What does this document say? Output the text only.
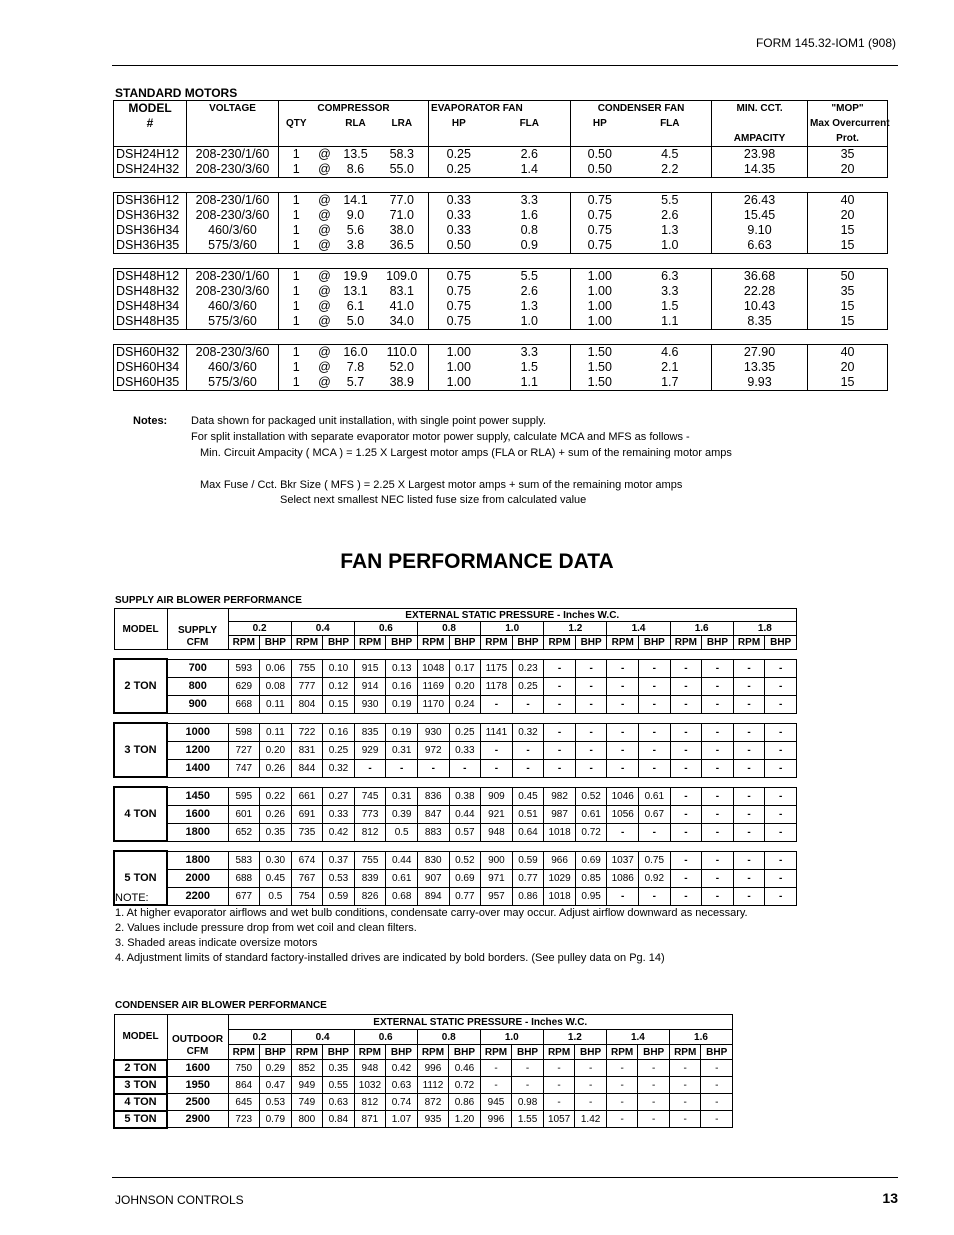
FORM 145.32-IOM1 (908)
STANDARD MOTORS
MODEL	VOLTAGE	COMPRESSOR				EVAPORATOR FAN		CONDENSER FAN		MIN. CCT.	"MOP"
#		QTY		RLA	LRA	HP	FLA	HP	FLA		Max Overcurrent
										AMPACITY	Prot.
DSH24H12	208-230/1/60	1	@	13.5	58.3	0.25	2.6	0.50	4.5	23.98	35
DSH24H32	208-230/3/60	1	@	8.6	55.0	0.25	1.4	0.50	2.2	14.35	20

DSH36H12	208-230/1/60	1	@	14.1	77.0	0.33	3.3	0.75	5.5	26.43	40
DSH36H32	208-230/3/60	1	@	9.0	71.0	0.33	1.6	0.75	2.6	15.45	20
DSH36H34	460/3/60	1	@	5.6	38.0	0.33	0.8	0.75	1.3	9.10	15
DSH36H35	575/3/60	1	@	3.8	36.5	0.50	0.9	0.75	1.0	6.63	15

DSH48H12	208-230/1/60	1	@	19.9	109.0	0.75	5.5	1.00	6.3	36.68	50
DSH48H32	208-230/3/60	1	@	13.1	83.1	0.75	2.6	1.00	3.3	22.28	35
DSH48H34	460/3/60	1	@	6.1	41.0	0.75	1.3	1.00	1.5	10.43	15
DSH48H35	575/3/60	1	@	5.0	34.0	0.75	1.0	1.00	1.1	8.35	15

DSH60H32	208-230/3/60	1	@	16.0	110.0	1.00	3.3	1.50	4.6	27.90	40
DSH60H34	460/3/60	1	@	7.8	52.0	1.00	1.5	1.50	2.1	13.35	20
DSH60H35	575/3/60	1	@	5.7	38.9	1.00	1.1	1.50	1.7	9.93	15
Notes: Data shown for packaged unit installation, with single point power supply.
For split installation with separate evaporator motor power supply, calculate MCA and MFS as follows -
Min. Circuit Ampacity ( MCA ) = 1.25 X Largest motor amps (FLA or RLA) + sum of the remaining motor amps
Max Fuse / Cct. Bkr Size ( MFS ) = 2.25 X Largest motor amps + sum of the remaining motor amps
Select next smallest NEC listed fuse size from calculated value
FAN PERFORMANCE DATA
SUPPLY AIR BLOWER PERFORMANCE
MODEL	SUPPLY	EXTERNAL STATIC PRESSURE - Inches W.C.																	
		0.2		0.4		0.6		0.8		1.0		1.2		1.4		1.6		1.8	
	CFM	RPM	BHP	RPM	BHP	RPM	BHP	RPM	BHP	RPM	BHP	RPM	BHP	RPM	BHP	RPM	BHP	RPM	BHP

2 TON	700	593	0.06	755	0.10	915	0.13	1048	0.17	1175	0.23	-	-	-	-	-	-	-	-
	800	629	0.08	777	0.12	914	0.16	1169	0.20	1178	0.25	-	-	-	-	-	-	-	-
	900	668	0.11	804	0.15	930	0.19	1170	0.24	-	-	-	-	-	-	-	-	-	-

3 TON	1000	598	0.11	722	0.16	835	0.19	930	0.25	1141	0.32	-	-	-	-	-	-	-	-
	1200	727	0.20	831	0.25	929	0.31	972	0.33	-	-	-	-	-	-	-	-	-	-
	1400	747	0.26	844	0.32	-	-	-	-	-	-	-	-	-	-	-	-	-	-

4 TON	1450	595	0.22	661	0.27	745	0.31	836	0.38	909	0.45	982	0.52	1046	0.61	-	-	-	-
	1600	601	0.26	691	0.33	773	0.39	847	0.44	921	0.51	987	0.61	1056	0.67	-	-	-	-
	1800	652	0.35	735	0.42	812	0.5	883	0.57	948	0.64	1018	0.72	-	-	-	-	-	-

5 TON	1800	583	0.30	674	0.37	755	0.44	830	0.52	900	0.59	966	0.69	1037	0.75	-	-	-	-
	2000	688	0.45	767	0.53	839	0.61	907	0.69	971	0.77	1029	0.85	1086	0.92	-	-	-	-
	2200	677	0.5	754	0.59	826	0.68	894	0.77	957	0.86	1018	0.95	-	-	-	-	-	-
NOTE:
1. At higher evaporator airflows and wet bulb conditions, condensate carry-over may occur. Adjust airflow downward as necessary.
2. Values include pressure drop from wet coil and clean filters.
3. Shaded areas indicate oversize motors
4. Adjustment limits of standard factory-installed drives are indicated by bold borders. (See pulley data on Pg. 14)
CONDENSER AIR BLOWER PERFORMANCE
MODEL	OUTDOOR	EXTERNAL STATIC PRESSURE - Inches W.C.															
		0.2		0.4		0.6		0.8		1.0		1.2		1.4		1.6	
	CFM	RPM	BHP	RPM	BHP	RPM	BHP	RPM	BHP	RPM	BHP	RPM	BHP	RPM	BHP	RPM	BHP
2 TON	1600	750	0.29	852	0.35	948	0.42	996	0.46	-	-	-	-	-	-	-	-
3 TON	1950	864	0.47	949	0.55	1032	0.63	1112	0.72	-	-	-	-	-	-	-	-
4 TON	2500	645	0.53	749	0.63	812	0.74	872	0.86	945	0.98	-	-	-	-	-	-
5 TON	2900	723	0.79	800	0.84	871	1.07	935	1.20	996	1.55	1057	1.42	-	-	-	-
JOHNSON CONTROLS	13
